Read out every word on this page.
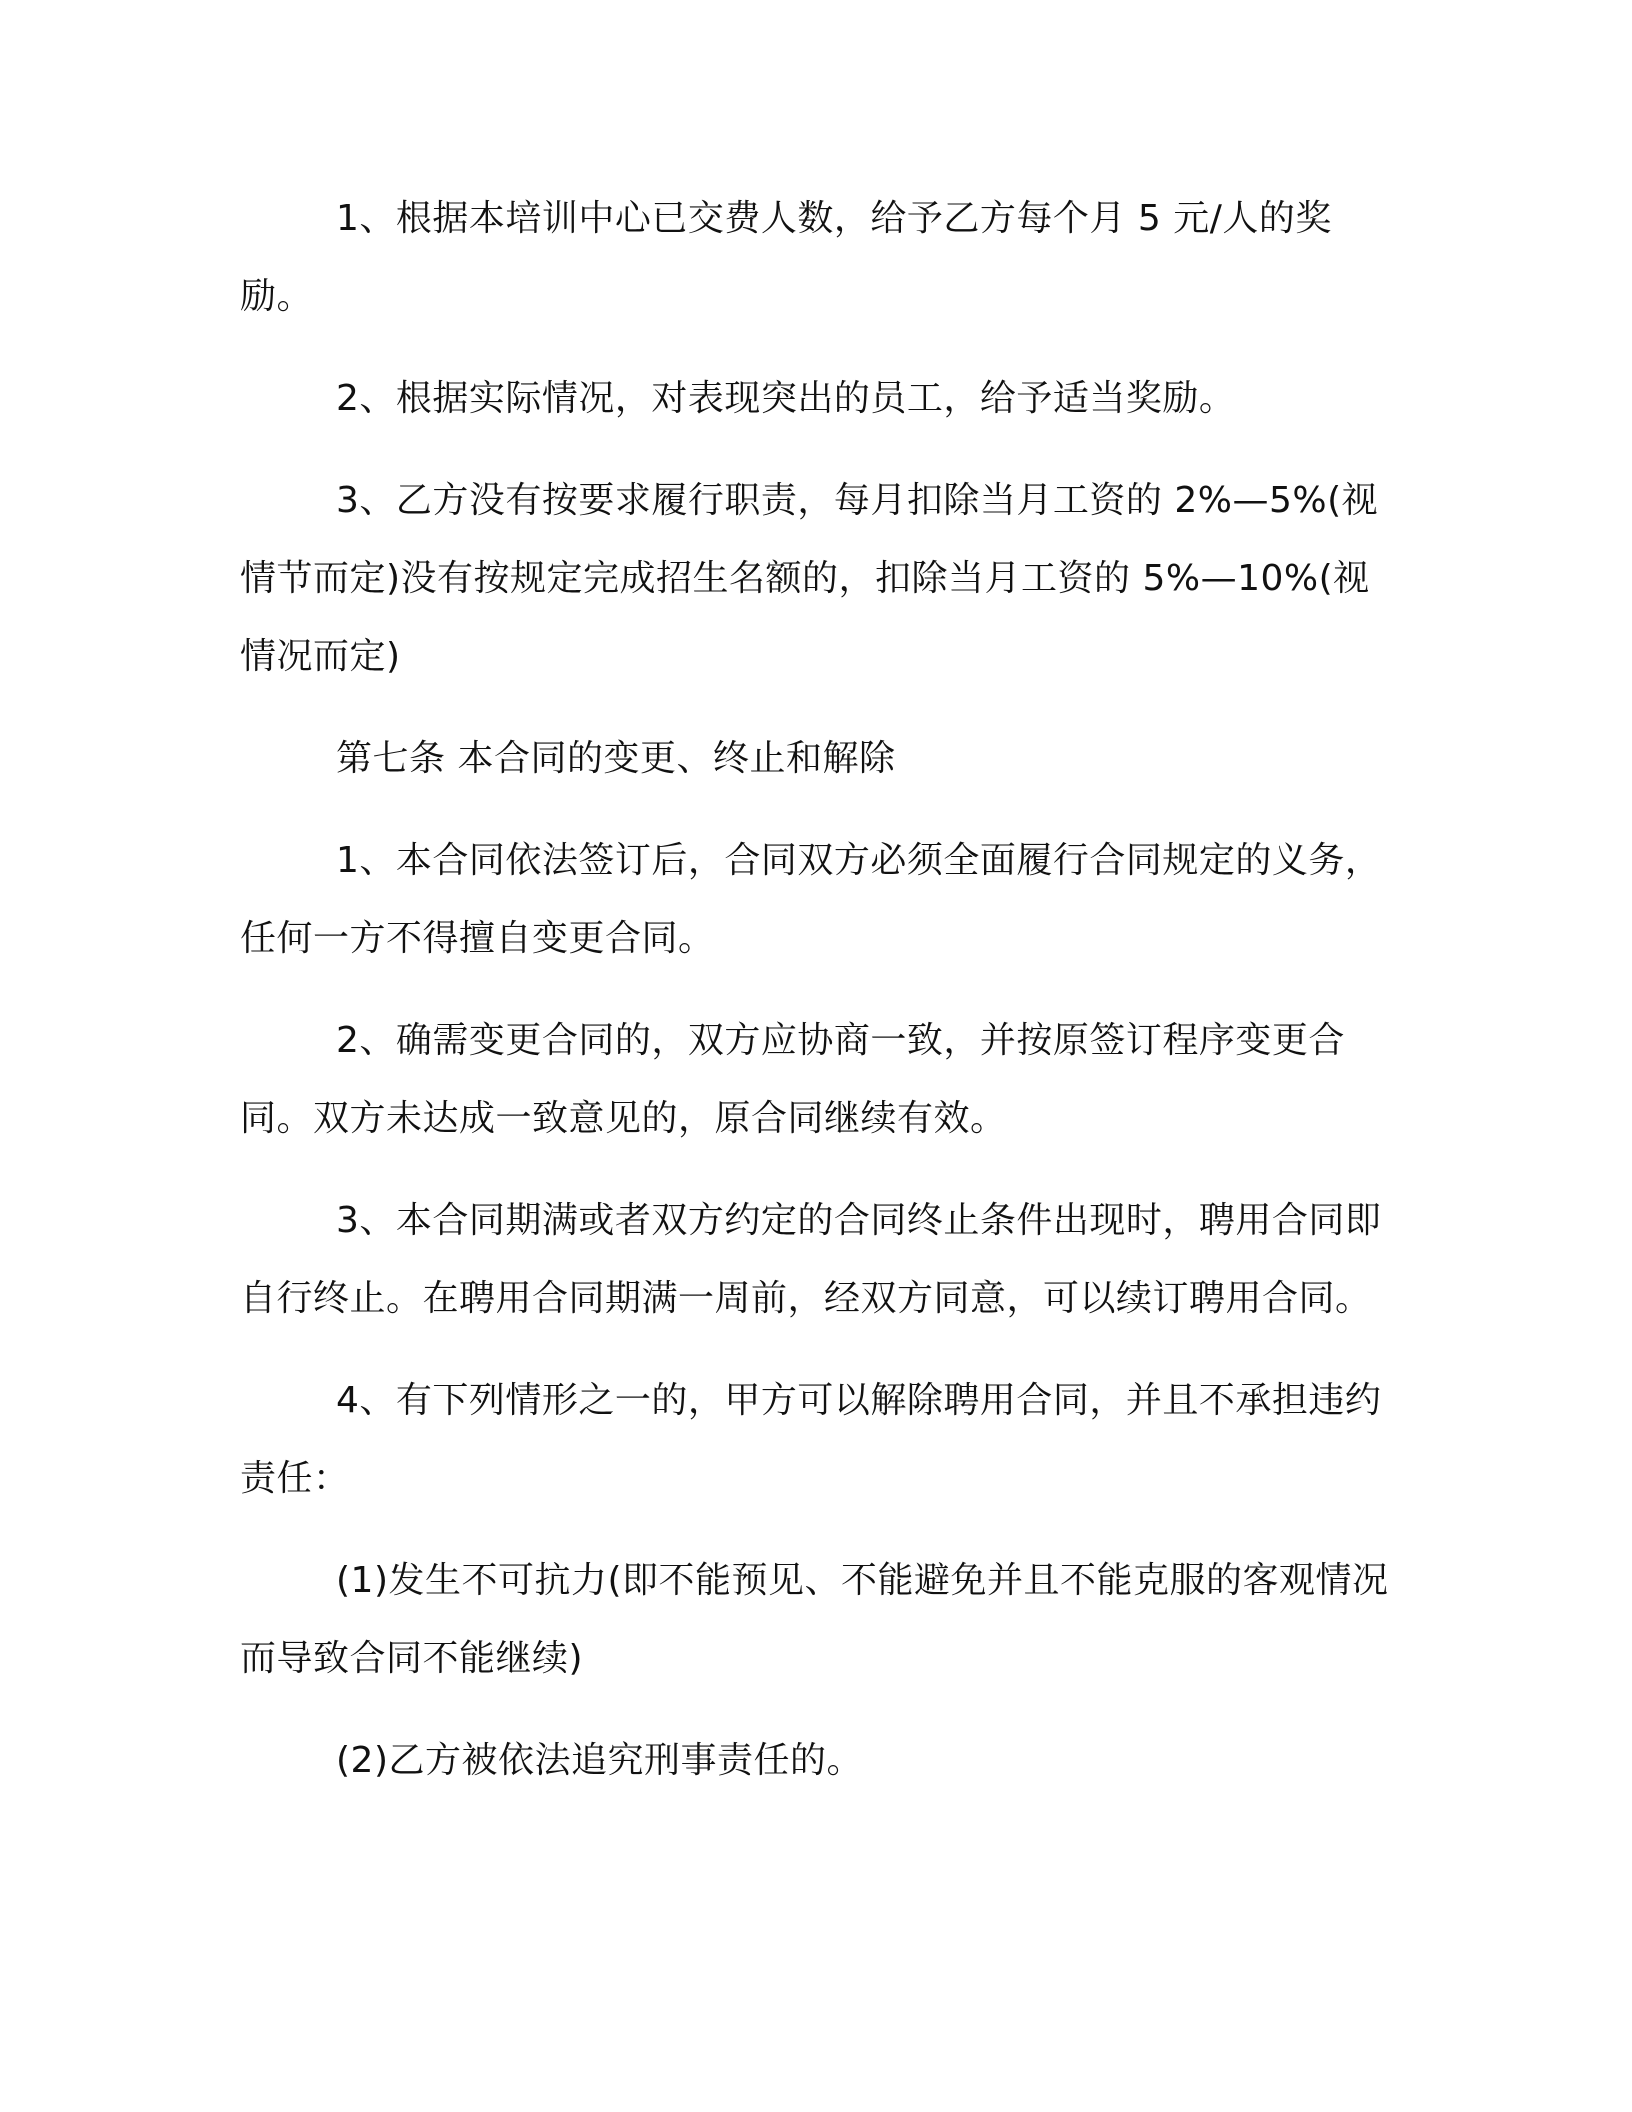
1、根据本培训中心已交费人数，给予乙方每个月 5 元/人的奖励。

2、根据实际情况，对表现突出的员工，给予适当奖励。

3、乙方没有按要求履行职责，每月扣除当月工资的 2%—5%(视情节而定)没有按规定完成招生名额的，扣除当月工资的 5%—10%(视情况而定)

第七条 本合同的变更、终止和解除

1、本合同依法签订后，合同双方必须全面履行合同规定的义务，任何一方不得擅自变更合同。

2、确需变更合同的，双方应协商一致，并按原签订程序变更合同。双方未达成一致意见的，原合同继续有效。

3、本合同期满或者双方约定的合同终止条件出现时，聘用合同即自行终止。在聘用合同期满一周前，经双方同意，可以续订聘用合同。

4、有下列情形之一的，甲方可以解除聘用合同，并且不承担违约责任：

(1)发生不可抗力(即不能预见、不能避免并且不能克服的客观情况而导致合同不能继续)

(2)乙方被依法追究刑事责任的。
